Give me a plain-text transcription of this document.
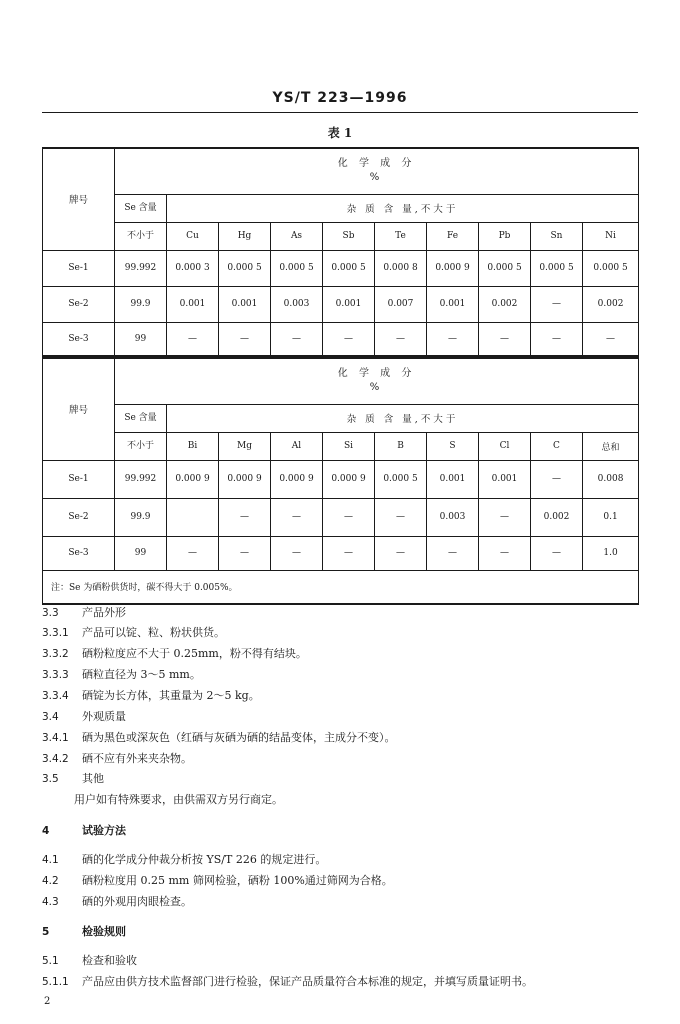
YS/T 223—1996
表 1
牌号	化 学 成 分
%									

	Se 含量	杂 质 含 量,不大于								
	不小于	Cu	Hg	As	Sb	Te	Fe	Pb	Sn	Ni
Se-1	99.992	0.000 3	0.000 5	0.000 5	0.000 5	0.000 8	0.000 9	0.000 5	0.000 5	0.000 5
Se-2	99.9	0.001	0.001	0.003	0.001	0.007	0.001	0.002	—	0.002
Se-3	99	—	—	—	—	—	—	—	—	—
牌号	化 学 成 分
%									

	Se 含量	杂 质 含 量,不大于								
	不小于	Bi	Mg	Al	Si	B	S	Cl	C	总和
Se-1	99.992	0.000 9	0.000 9	0.000 9	0.000 9	0.000 5	0.001	0.001	—	0.008
Se-2	99.9		—	—	—	—	0.003	—	0.002	0.1
Se-3	99	—	—	—	—	—	—	—	—	1.0
注：Se 为硒粉供货时，碳不得大于 0.005%。										
3.3 产品外形
3.3.1 产品可以锭、粒、粉状供货。
3.3.2 硒粉粒度应不大于 0.25mm，粉不得有结块。
3.3.3 硒粒直径为 3～5 mm。
3.3.4 硒锭为长方体，其重量为 2～5 kg。
3.4 外观质量
3.4.1 硒为黑色或深灰色（红硒与灰硒为硒的结晶变体，主成分不变）。
3.4.2 硒不应有外来夹杂物。
3.5 其他
用户如有特殊要求，由供需双方另行商定。
4	试验方法
4.1 硒的化学成分仲裁分析按 YS/T 226 的规定进行。
4.2 硒粉粒度用 0.25 mm 筛网检验，硒粉 100%通过筛网为合格。
4.3 硒的外观用肉眼检查。
5	检验规则
5.1 检查和验收
5.1.1 产品应由供方技术监督部门进行检验，保证产品质量符合本标准的规定，并填写质量证明书。
2
